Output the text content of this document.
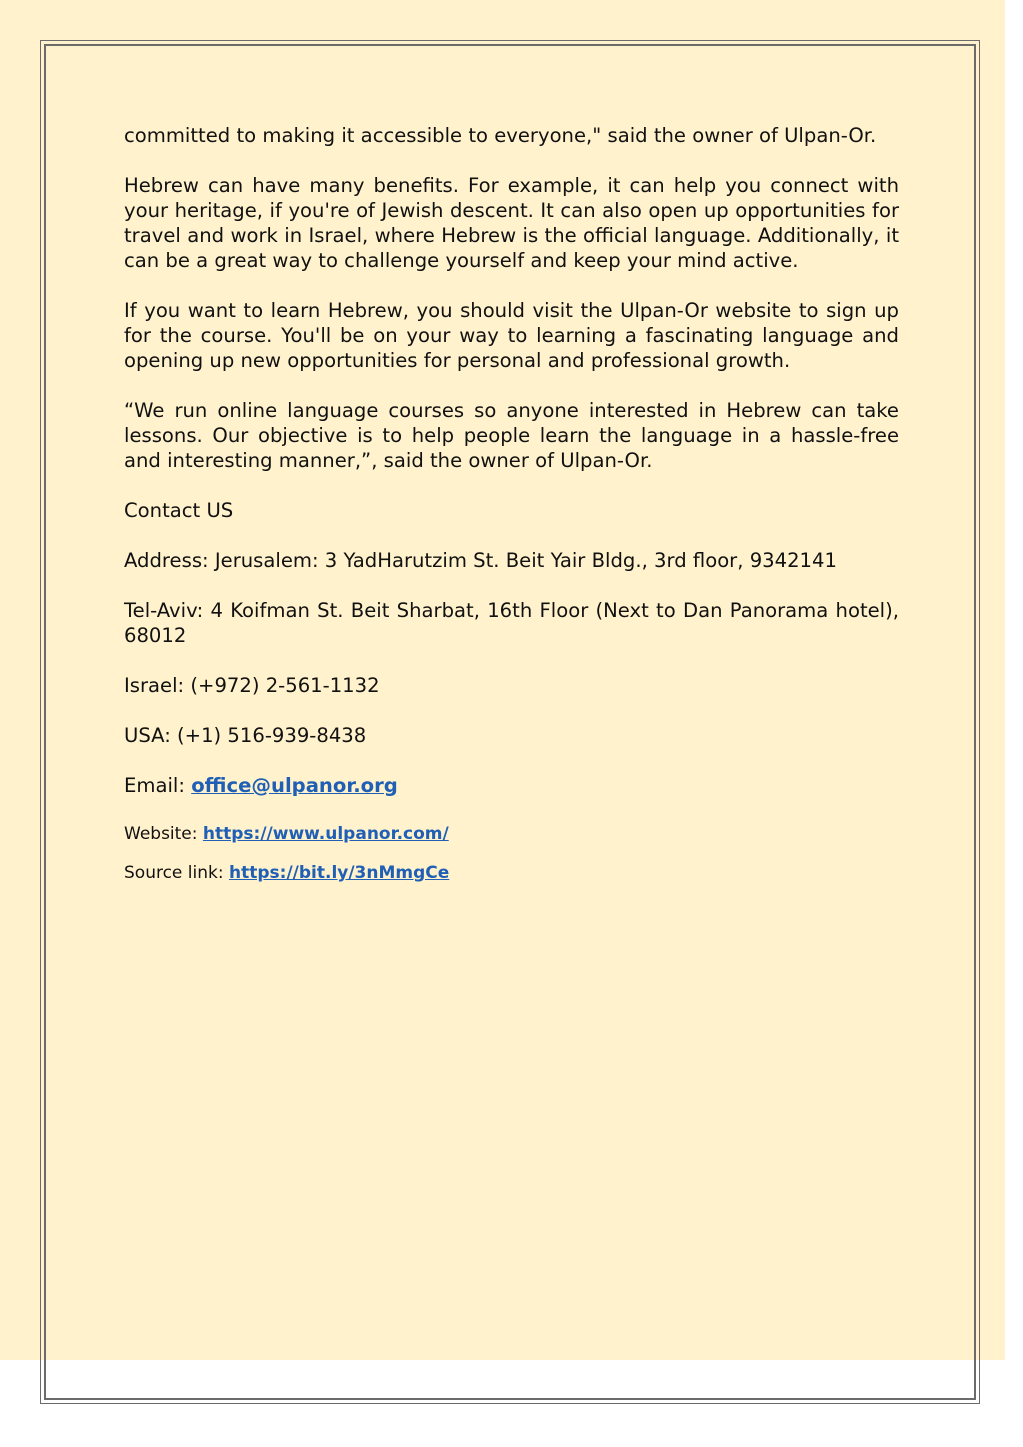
committed to making it accessible to everyone," said the owner of Ulpan-Or.

Hebrew can have many benefits. For example, it can help you connect with your heritage, if you're of Jewish descent. It can also open up opportunities for travel and work in Israel, where Hebrew is the official language. Additionally, it can be a great way to challenge yourself and keep your mind active.

If you want to learn Hebrew, you should visit the Ulpan-Or website to sign up for the course. You'll be on your way to learning a fascinating language and opening up new opportunities for personal and professional growth.

“We run online language courses so anyone interested in Hebrew can take lessons. Our objective is to help people learn the language in a hassle-free and interesting manner,”, said the owner of Ulpan-Or.

Contact US

Address: Jerusalem: 3 YadHarutzim St. Beit Yair Bldg., 3rd floor, 9342141

Tel-Aviv: 4 Koifman St. Beit Sharbat, 16th Floor (Next to Dan Panorama hotel), 68012

Israel: (+972) 2-561-1132

USA: (+1) 516-939-8438

Email: office@ulpanor.org

Website: https://www.ulpanor.com/

Source link: https://bit.ly/3nMmgCe
